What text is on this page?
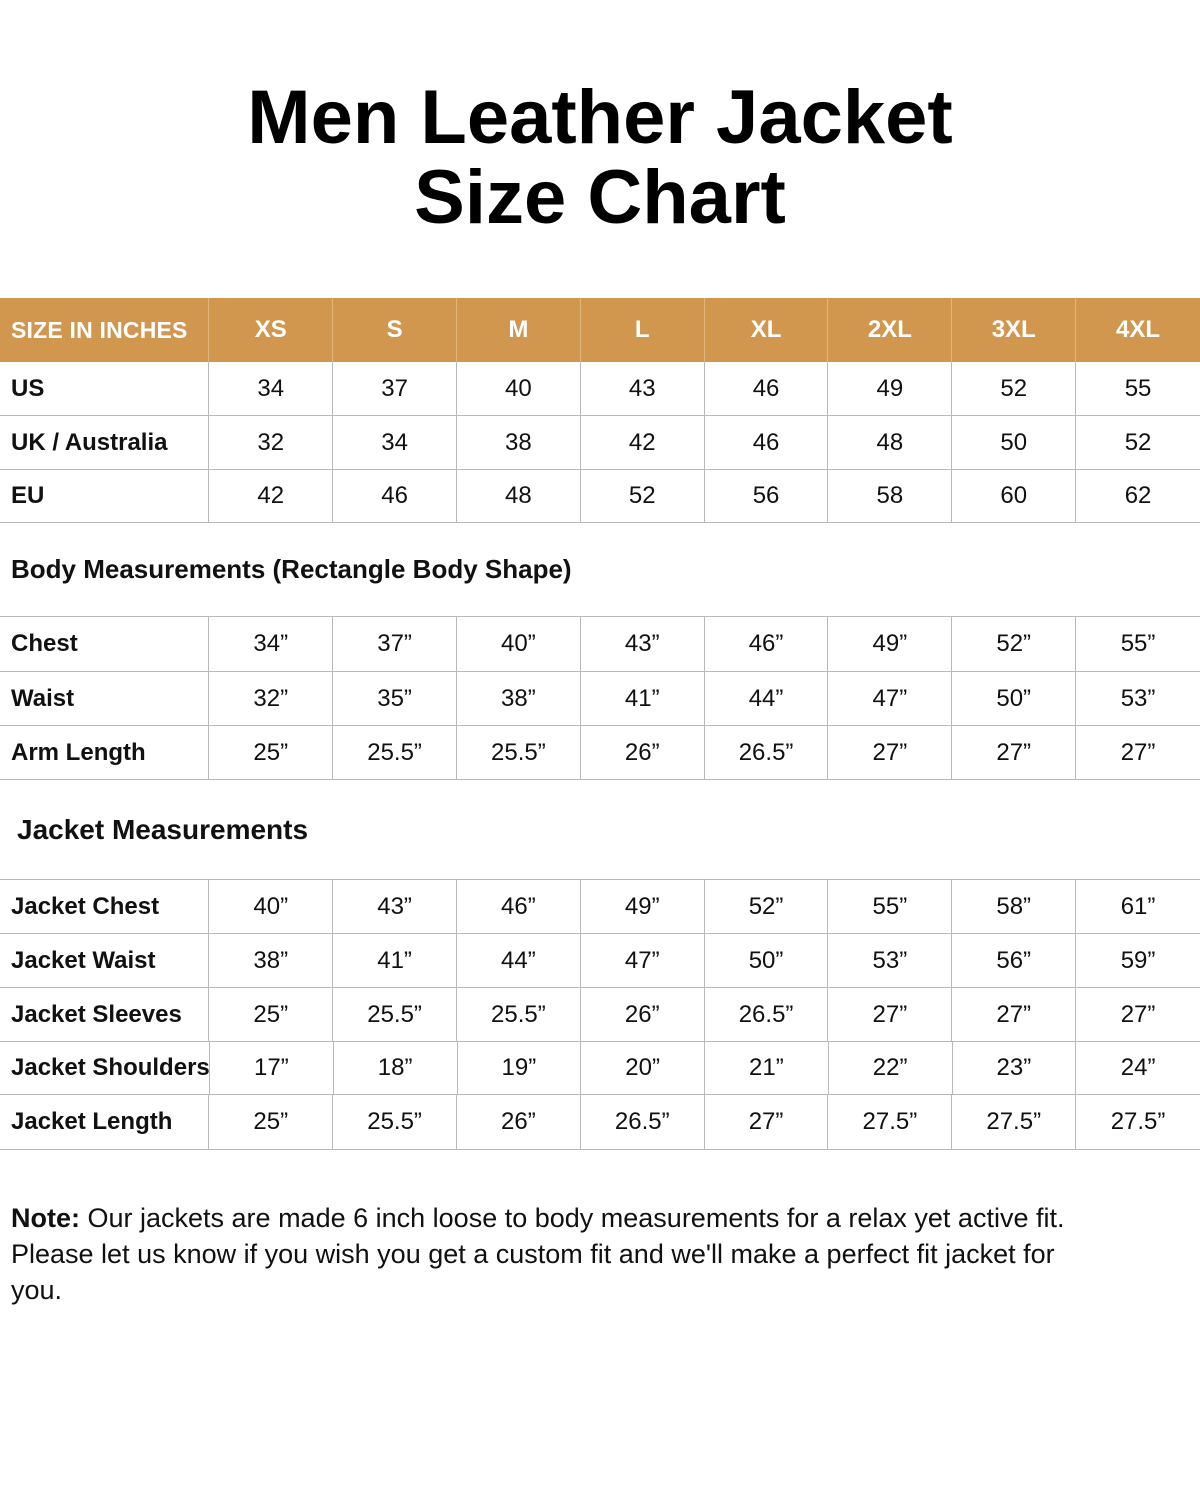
Men Leather Jacket
Size Chart
SIZE IN INCHES	XS	S	M	L	XL	2XL	3XL	4XL
US	34	37	40	43	46	49	52	55
UK / Australia	32	34	38	42	46	48	50	52
EU	42	46	48	52	56	58	60	62
Body Measurements (Rectangle Body Shape)
Chest	34”	37”	40”	43”	46”	49”	52”	55”
Waist	32”	35”	38”	41”	44”	47”	50”	53”
Arm Length	25”	25.5”	25.5”	26”	26.5”	27”	27”	27”
Jacket Measurements
Jacket Chest	40”	43”	46”	49”	52”	55”	58”	61”
Jacket Waist	38”	41”	44”	47”	50”	53”	56”	59”
Jacket Sleeves	25”	25.5”	25.5”	26”	26.5”	27”	27”	27”
Jacket Shoulders	17”	18”	19”	20”	21”	22”	23”	24”
Jacket Length	25”	25.5”	26”	26.5”	27”	27.5”	27.5”	27.5”
Note: Our jackets are made 6 inch loose to body measurements for a relax yet active fit. Please let us know if you wish you get a custom fit and we'll make a perfect fit jacket for you.
